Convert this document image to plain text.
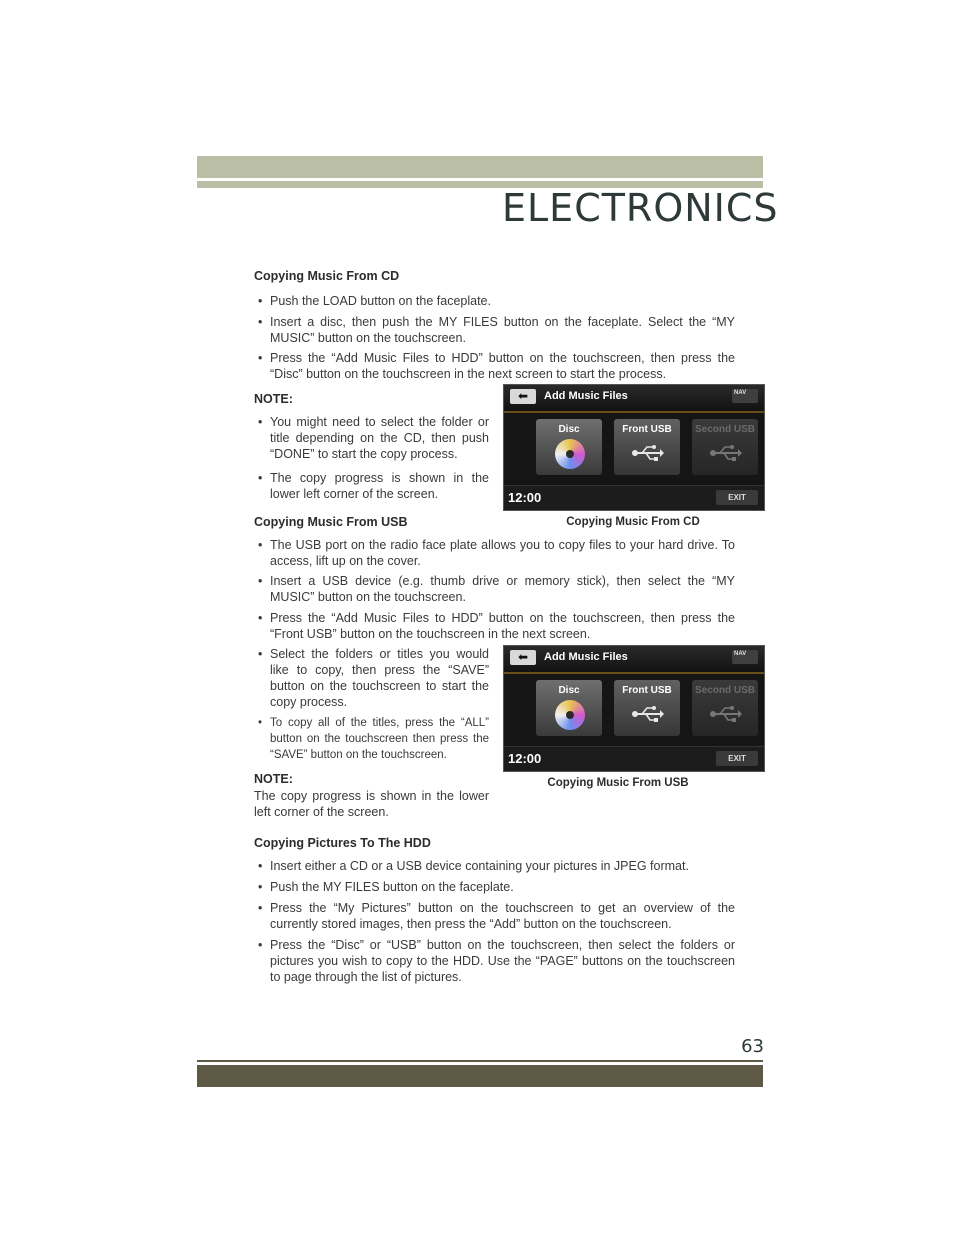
ELECTRONICS
Copying Music From CD
• Push the LOAD button on the faceplate.
• Insert a disc, then push the MY FILES button on the faceplate. Select the “MY MUSIC” button on the touchscreen.
• Press the “Add Music Files to HDD” button on the touchscreen, then press the “Disc” button on the touchscreen in the next screen to start the process.
NOTE:
• You might need to select the folder or title depending on the CD, then push “DONE” to start the copy process.
• The copy progress is shown in the lower left corner of the screen.
⬅	Add Music Files	NAV
Disc	Front USB	Second USB
12:00	EXIT
Copying Music From CD
Copying Music From USB
• The USB port on the radio face plate allows you to copy files to your hard drive. To access, lift up on the cover.
• Insert a USB device (e.g. thumb drive or memory stick), then select the “MY MUSIC” button on the touchscreen.
• Press the “Add Music Files to HDD” button on the touchscreen, then press the “Front USB” button on the touchscreen in the next screen.
• Select the folders or titles you would like to copy, then press the “SAVE” button on the touchscreen to start the copy process.
• To copy all of the titles, press the “ALL” button on the touchscreen then press the “SAVE” button on the touchscreen.
NOTE:
The copy progress is shown in the lower left corner of the screen.
⬅	Add Music Files	NAV
Disc	Front USB	Second USB
12:00	EXIT
Copying Music From USB
Copying Pictures To The HDD
• Insert either a CD or a USB device containing your pictures in JPEG format.
• Push the MY FILES button on the faceplate.
• Press the “My Pictures” button on the touchscreen to get an overview of the currently stored images, then press the “Add” button on the touchscreen.
• Press the “Disc” or “USB” button on the touchscreen, then select the folders or pictures you wish to copy to the HDD. Use the “PAGE” buttons on the touchscreen to page through the list of pictures.
63
